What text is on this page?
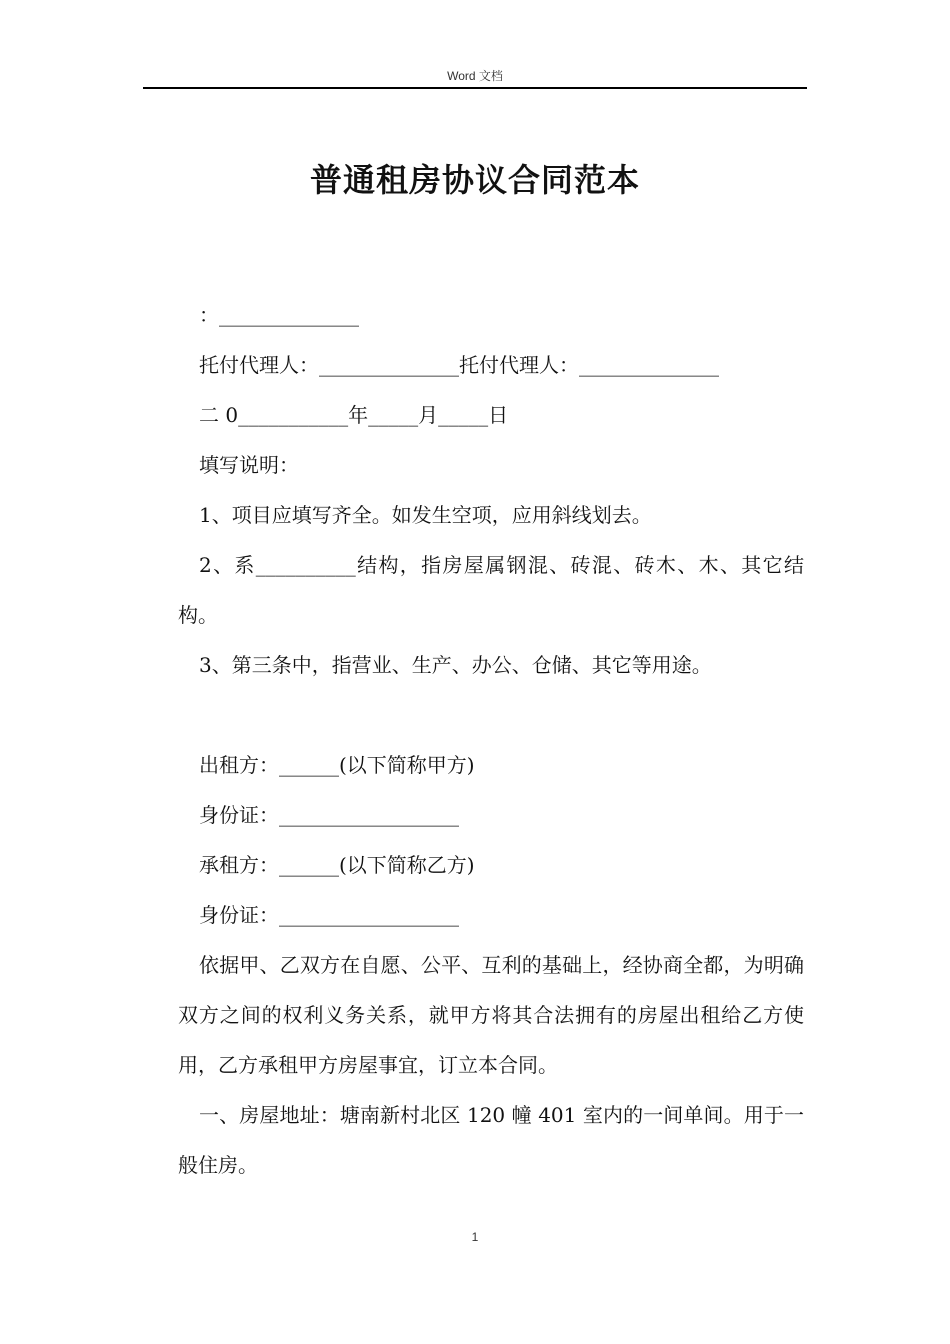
Word 文档
普通租房协议合同范本

：______________

托付代理人：______________托付代理人：______________

二 0___________年_____月_____日

填写说明：

1、项目应填写齐全。如发生空项，应用斜线划去。

2、系__________结构，指房屋属钢混、砖混、砖木、木、其它结构。

3、第三条中，指营业、生产、办公、仓储、其它等用途。

出租方：______(以下简称甲方)

身份证：__________________

承租方：______(以下简称乙方)

身份证：__________________

依据甲、乙双方在自愿、公平、互利的基础上，经协商全都，为明确双方之间的权利义务关系，就甲方将其合法拥有的房屋出租给乙方使用，乙方承租甲方房屋事宜，订立本合同。

一、房屋地址：塘南新村北区 120 幢 401 室内的一间单间。用于一般住房。

1
